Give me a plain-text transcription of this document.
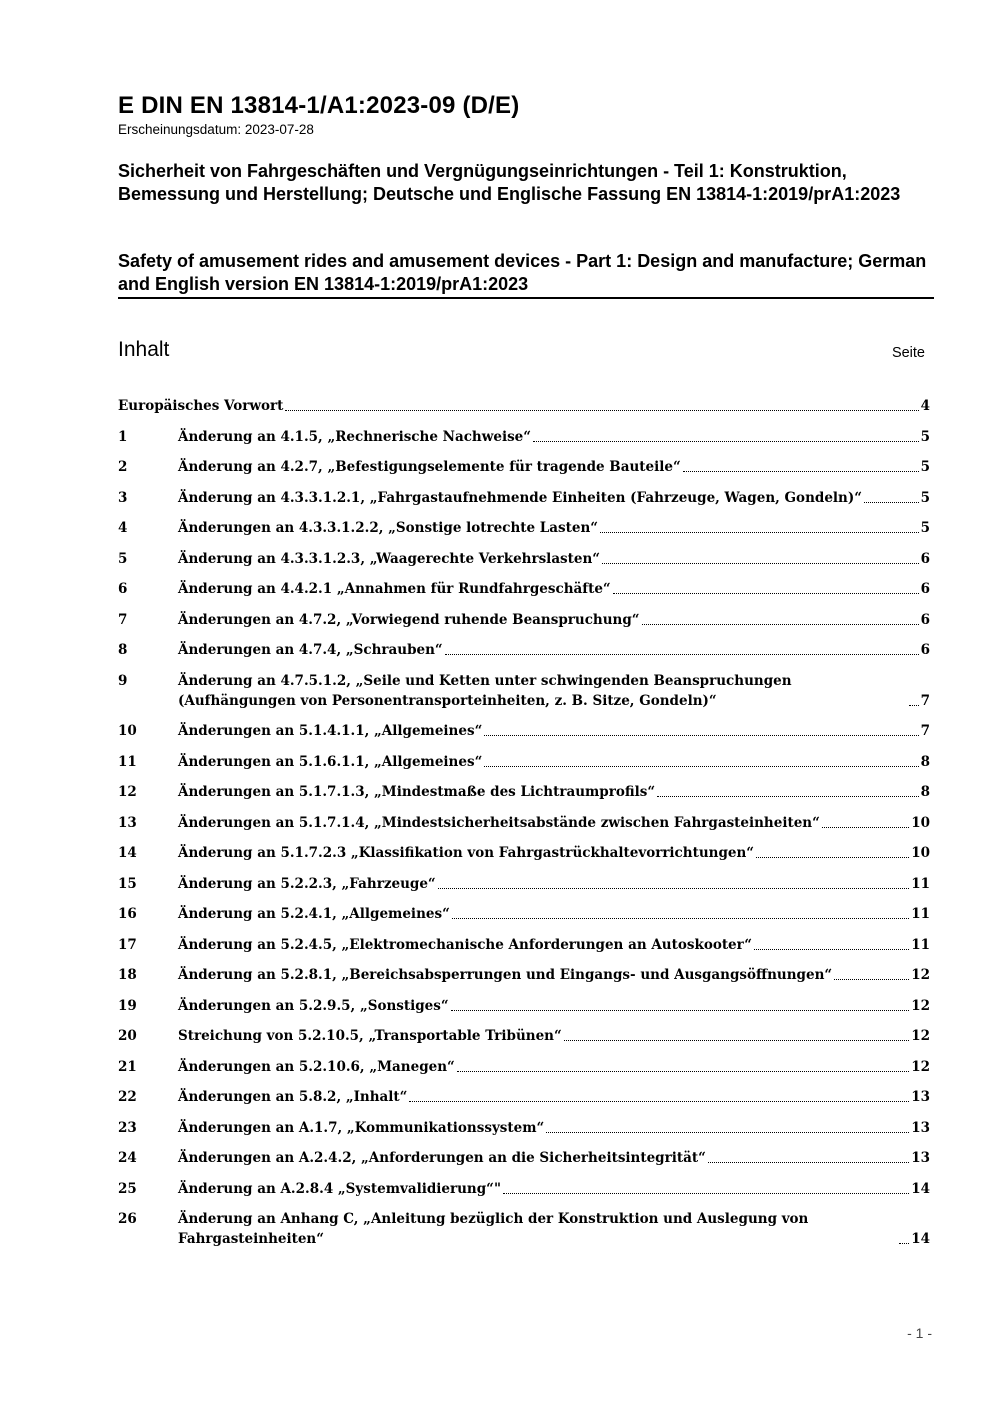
E DIN EN 13814-1/A1:2023-09 (D/E)
Erscheinungsdatum: 2023-07-28
Sicherheit von Fahrgeschäften und Vergnügungseinrichtungen - Teil 1: Konstruktion, Bemessung und Herstellung; Deutsche und Englische Fassung EN 13814-1:2019/prA1:2023
Safety of amusement rides and amusement devices - Part 1: Design and manufacture; German and English version EN 13814-1:2019/prA1:2023
Inhalt	Seite
Europäisches Vorwort	4
1	Änderung an 4.1.5, „Rechnerische Nachweise“	5
2	Änderung an 4.2.7, „Befestigungselemente für tragende Bauteile“	5
3	Änderung an 4.3.3.1.2.1, „Fahrgastaufnehmende Einheiten (Fahrzeuge, Wagen, Gondeln)“	5
4	Änderungen an 4.3.3.1.2.2, „Sonstige lotrechte Lasten“	5
5	Änderung an 4.3.3.1.2.3, „Waagerechte Verkehrslasten“	6
6	Änderung an 4.4.2.1 „Annahmen für Rundfahrgeschäfte“	6
7	Änderungen an 4.7.2, „Vorwiegend ruhende Beanspruchung“	6
8	Änderungen an 4.7.4, „Schrauben“	6
9	Änderung an 4.7.5.1.2, „Seile und Ketten unter schwingenden Beanspruchungen (Aufhängungen von Personentransporteinheiten, z. B. Sitze, Gondeln)“	7
10	Änderungen an 5.1.4.1.1, „Allgemeines“	7
11	Änderungen an 5.1.6.1.1, „Allgemeines“	8
12	Änderungen an 5.1.7.1.3, „Mindestmaße des Lichtraumprofils“	8
13	Änderungen an 5.1.7.1.4, „Mindestsicherheitsabstände zwischen Fahrgasteinheiten“	10
14	Änderung an 5.1.7.2.3 „Klassifikation von Fahrgastrückhaltevorrichtungen“	10
15	Änderung an 5.2.2.3, „Fahrzeuge“	11
16	Änderung an 5.2.4.1, „Allgemeines“	11
17	Änderung an 5.2.4.5, „Elektromechanische Anforderungen an Autoskooter“	11
18	Änderung an 5.2.8.1, „Bereichsabsperrungen und Eingangs- und Ausgangsöffnungen“	12
19	Änderungen an 5.2.9.5, „Sonstiges“	12
20	Streichung von 5.2.10.5, „Transportable Tribünen“	12
21	Änderungen an 5.2.10.6, „Manegen“	12
22	Änderungen an 5.8.2, „Inhalt“	13
23	Änderungen an A.1.7, „Kommunikationssystem“	13
24	Änderungen an A.2.4.2, „Anforderungen an die Sicherheitsintegrität“	13
25	Änderung an A.2.8.4 „Systemvalidierung“"	14
26	Änderung an Anhang C, „Anleitung bezüglich der Konstruktion und Auslegung von Fahrgasteinheiten“	14
- 1 -
